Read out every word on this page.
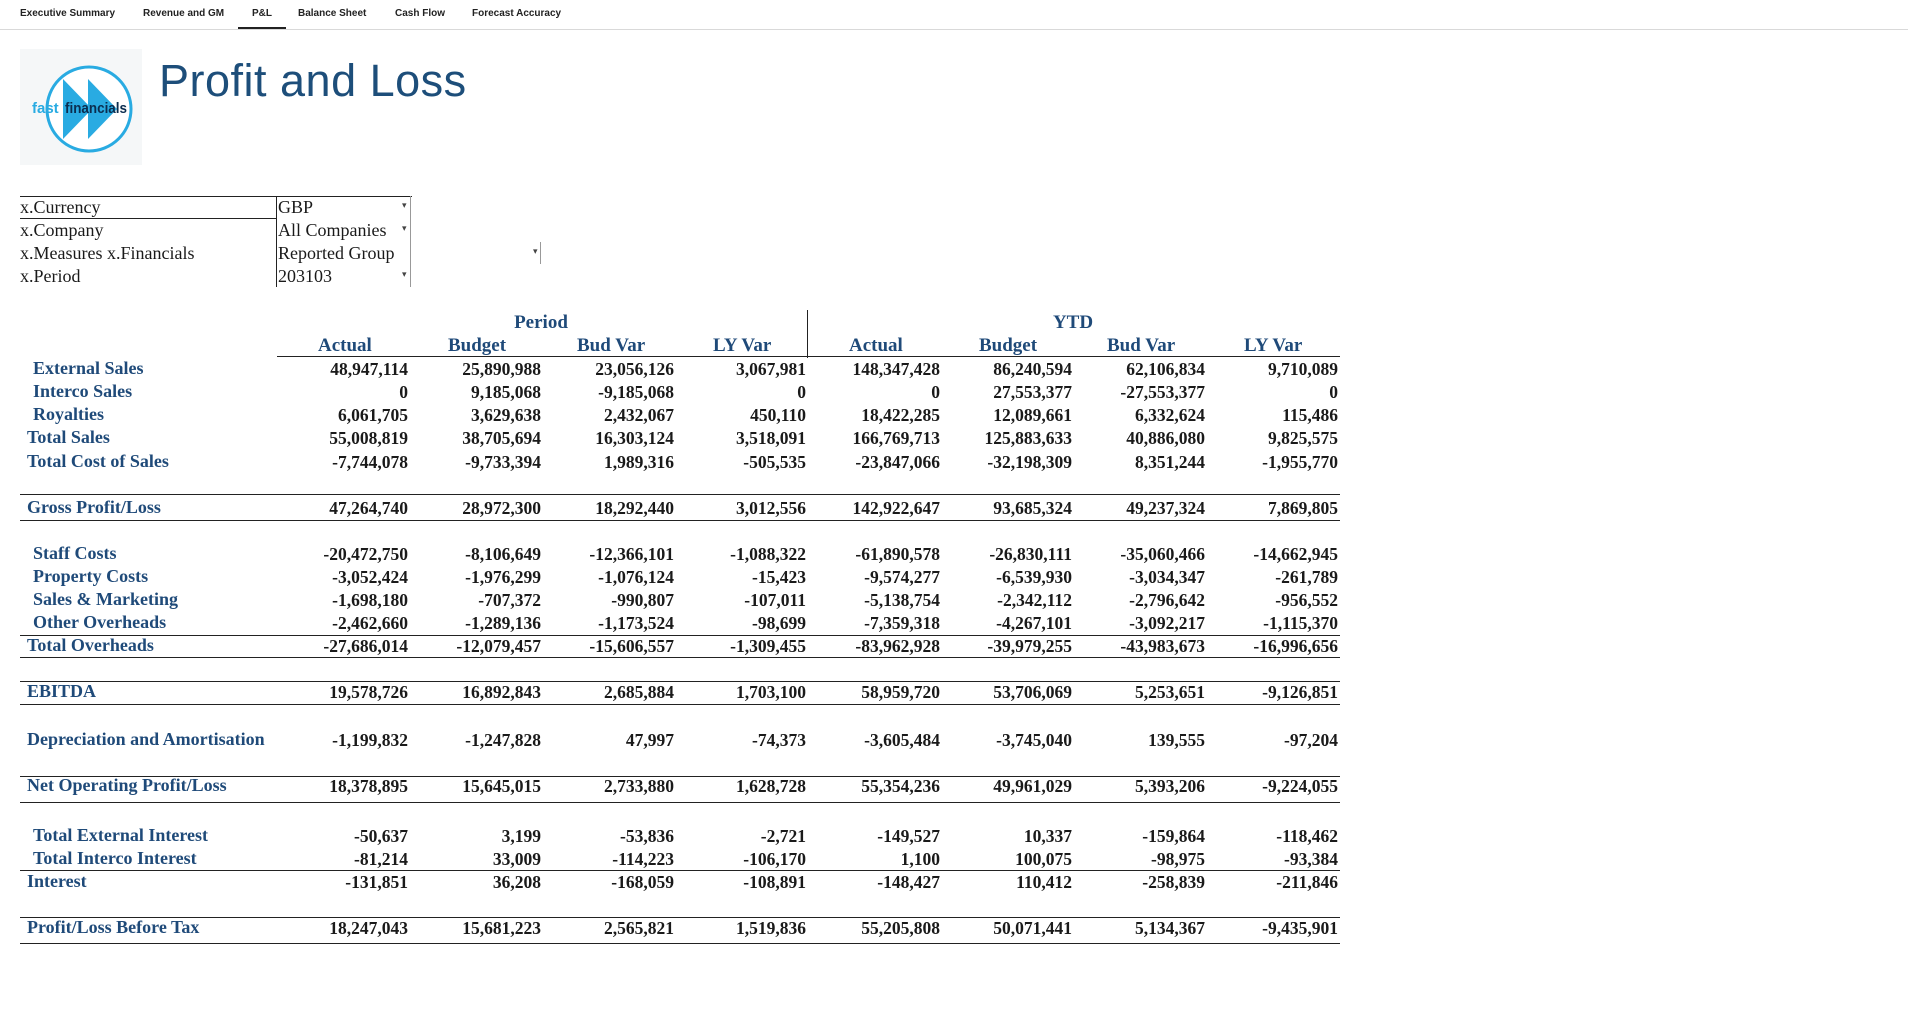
Executive Summary	Revenue and GM	P&L	Balance Sheet	Cash Flow	Forecast Accuracy
fast financials
Profit and Loss
x.Currency	GBP	▾
x.Company	All Companies ▾
x.Measures x.Financials	Reported Group	▾
x.Period	203103	▾
Period	YTD
Actual	Budget	Bud Var	LY Var	Actual	Budget	Bud Var	LY Var
External Sales	48,947,114	25,890,988	23,056,126	3,067,981	148,347,428	86,240,594	62,106,834	9,710,089
Interco Sales	0	9,185,068	-9,185,068	0	0	27,553,377	-27,553,377	0
Royalties	6,061,705	3,629,638	2,432,067	450,110	18,422,285	12,089,661	6,332,624	115,486
Total Sales	55,008,819	38,705,694	16,303,124	3,518,091	166,769,713	125,883,633	40,886,080	9,825,575
Total Cost of Sales	-7,744,078	-9,733,394	1,989,316	-505,535	-23,847,066	-32,198,309	8,351,244	-1,955,770
Gross Profit/Loss	47,264,740	28,972,300	18,292,440	3,012,556	142,922,647	93,685,324	49,237,324	7,869,805
Staff Costs	-20,472,750	-8,106,649	-12,366,101	-1,088,322	-61,890,578	-26,830,111	-35,060,466	-14,662,945
Property Costs	-3,052,424	-1,976,299	-1,076,124	-15,423	-9,574,277	-6,539,930	-3,034,347	-261,789
Sales & Marketing	-1,698,180	-707,372	-990,807	-107,011	-5,138,754	-2,342,112	-2,796,642	-956,552
Other Overheads	-2,462,660	-1,289,136	-1,173,524	-98,699	-7,359,318	-4,267,101	-3,092,217	-1,115,370
Total Overheads	-27,686,014	-12,079,457	-15,606,557	-1,309,455	-83,962,928	-39,979,255	-43,983,673	-16,996,656
EBITDA	19,578,726	16,892,843	2,685,884	1,703,100	58,959,720	53,706,069	5,253,651	-9,126,851
Depreciation and Amortisation	-1,199,832	-1,247,828	47,997	-74,373	-3,605,484	-3,745,040	139,555	-97,204
Net Operating Profit/Loss	18,378,895	15,645,015	2,733,880	1,628,728	55,354,236	49,961,029	5,393,206	-9,224,055
Total External Interest	-50,637	3,199	-53,836	-2,721	-149,527	10,337	-159,864	-118,462
Total Interco Interest	-81,214	33,009	-114,223	-106,170	1,100	100,075	-98,975	-93,384
Interest	-131,851	36,208	-168,059	-108,891	-148,427	110,412	-258,839	-211,846
Profit/Loss Before Tax	18,247,043	15,681,223	2,565,821	1,519,836	55,205,808	50,071,441	5,134,367	-9,435,901
